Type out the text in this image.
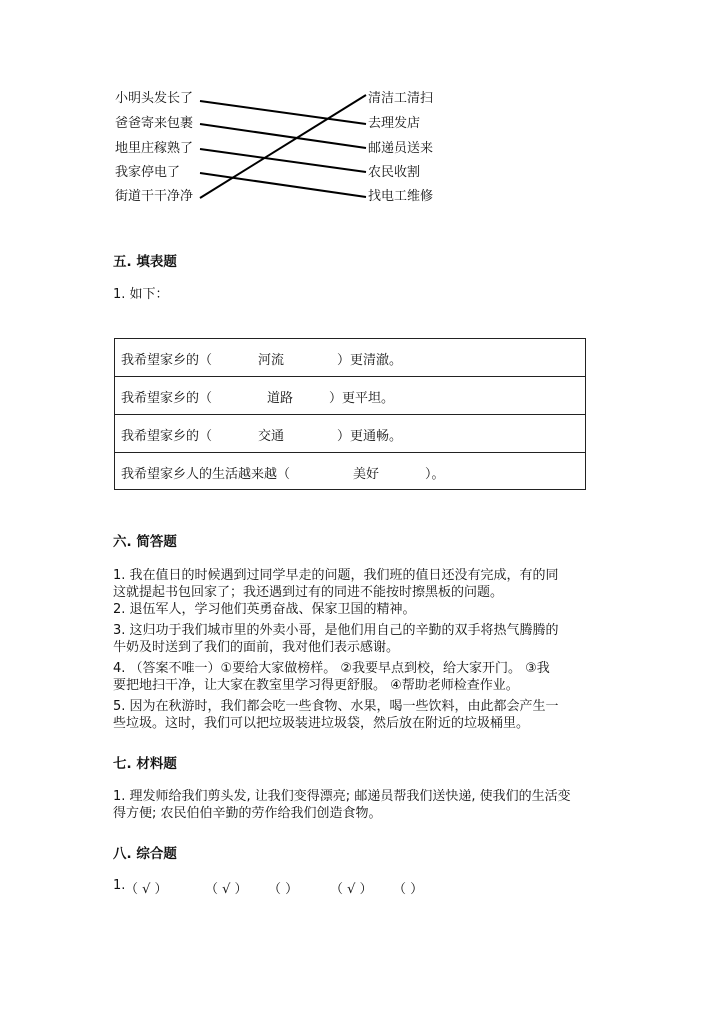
小明头发长了
爸爸寄来包裹
地里庄稼熟了
我家停电了
街道干干净净
清洁工清扫
去理发店
邮递员送来
农民收割
找电工维修
五. 填表题
1. 如下：
我希望家乡的（	河流	）更清澈。
我希望家乡的（	道路	）更平坦。
我希望家乡的（	交通	）更通畅。
我希望家乡人的生活越来越（	美好	）。
六. 简答题
1. 我在值日的时候遇到过同学早走的问题，我们班的值日还没有完成，有的同
这就提起书包回家了；我还遇到过有的同进不能按时擦黑板的问题。
2. 退伍军人，学习他们英勇奋战、保家卫国的精神。
3. 这归功于我们城市里的外卖小哥，是他们用自己的辛勤的双手将热气腾腾的
牛奶及时送到了我们的面前，我对他们表示感谢。
4. （答案不唯一）①要给大家做榜样。 ②我要早点到校，给大家开门。 ③我
要把地扫干净，让大家在教室里学习得更舒服。 ④帮助老师检查作业。
5. 因为在秋游时，我们都会吃一些食物、水果，喝一些饮料，由此都会产生一
些垃圾。这时，我们可以把垃圾装进垃圾袋，然后放在附近的垃圾桶里。
七. 材料题
1. 理发师给我们剪头发, 让我们变得漂亮; 邮递员帮我们送快递, 使我们的生活变
得方便; 农民伯伯辛勤的劳作给我们创造食物。
八. 综合题
1. （ √ ）	（ √ ） （ ） （ √ ） （ ）
